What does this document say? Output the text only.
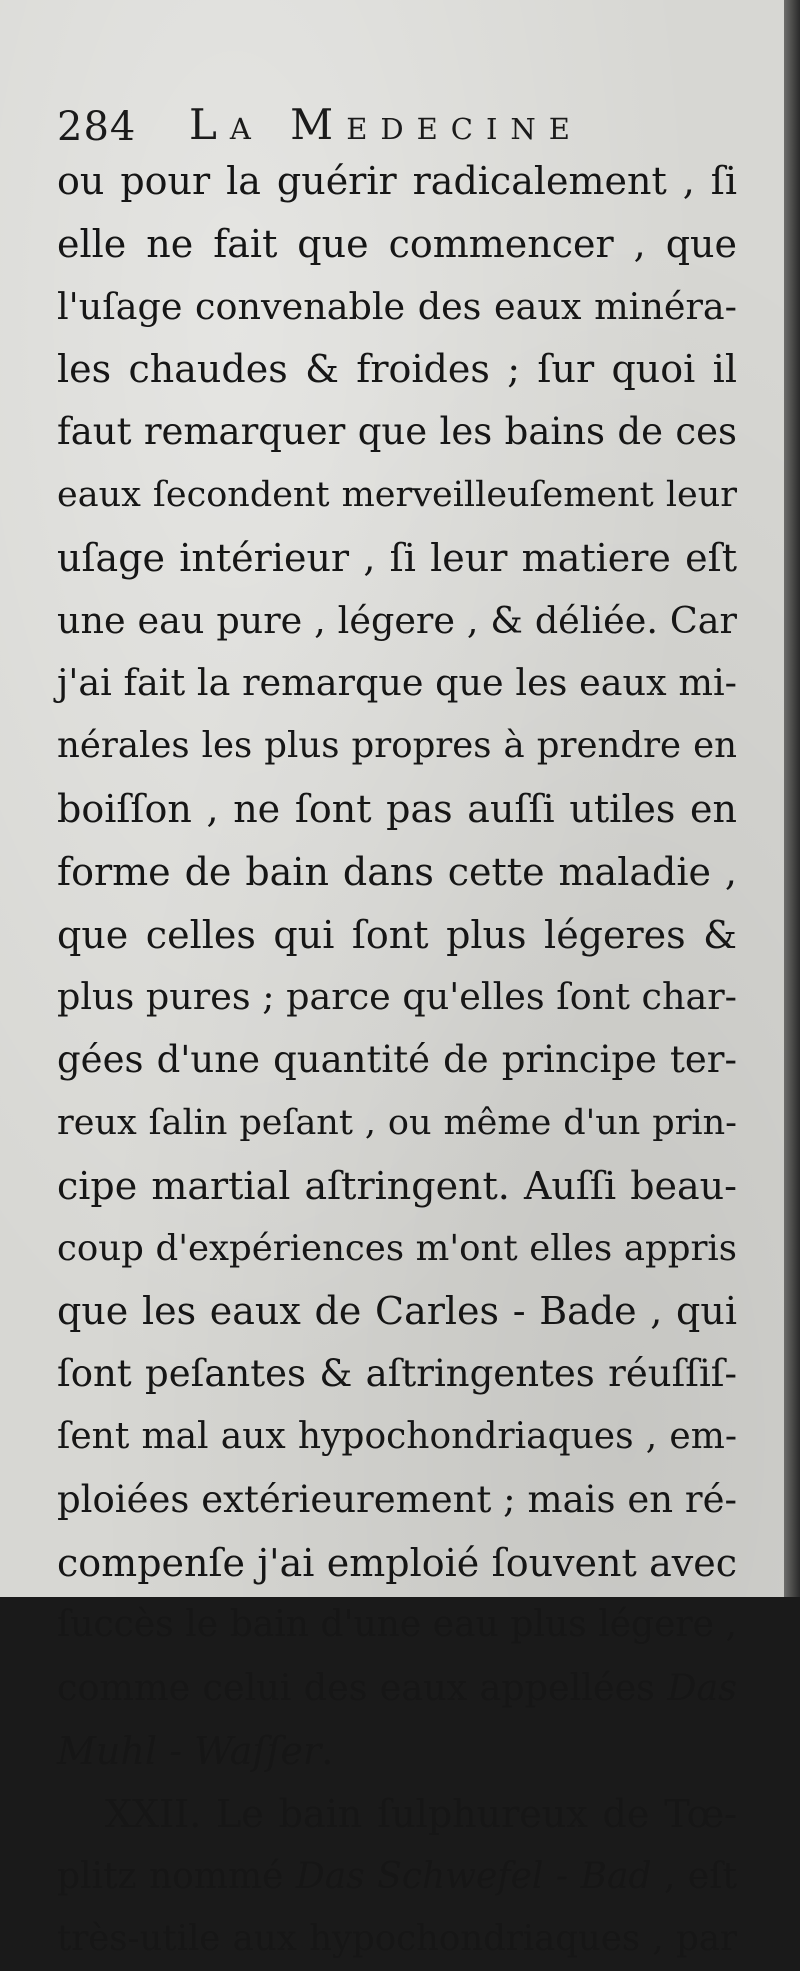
284 La Medecine
ou pour la guérir radicalement , ſi
elle ne fait que commencer , que
l'uſage convenable des eaux minéra-
les chaudes & froides ; ſur quoi il
faut remarquer que les bains de ces
eaux ſecondent merveilleuſement leur
uſage intérieur , ſi leur matiere eſt
une eau pure , légere , & déliée. Car
j'ai fait la remarque que les eaux mi-
nérales les plus propres à prendre en
boiſſon , ne ſont pas auſſi utiles en
forme de bain dans cette maladie ,
que celles qui ſont plus légeres &
plus pures ; parce qu'elles ſont char-
gées d'une quantité de principe ter-
reux ſalin peſant , ou même d'un prin-
cipe martial aſtringent. Auſſi beau-
coup d'expériences m'ont elles appris
que les eaux de Carles - Bade , qui
ſont peſantes & aſtringentes réuſſiſ-
ſent mal aux hypochondriaques , em-
ploiées extérieurement ; mais en ré-
compenſe j'ai emploié ſouvent avec
ſuccès le bain d'une eau plus légere ,
comme celui des eaux appellées Das
Muhl - Waſſer.
XXII. Le bain ſulphureux de Tœ-
plitz nommé Das Schwefel - Bad , eſt
très-utile aux hypochondriaques , par
